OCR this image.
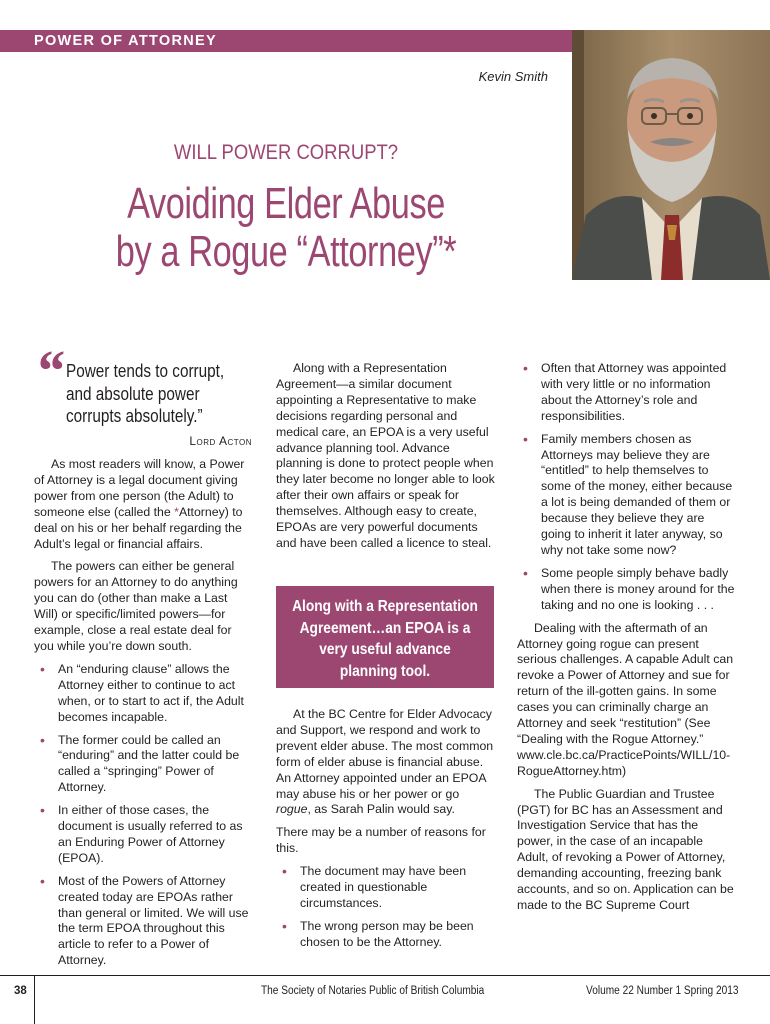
POWER OF ATTORNEY
Kevin Smith
WILL POWER CORRUPT?
Avoiding Elder Abuse
by a Rogue “Attorney”*
“ Power tends to corrupt, and absolute power corrupts absolutely.”
Lord Acton

As most readers will know, a Power of Attorney is a legal document giving power from one person (the Adult) to someone else (called the *Attorney) to deal on his or her behalf regarding the Adult’s legal or financial affairs.

The powers can either be general powers for an Attorney to do anything you can do (other than make a Last Will) or specific/limited powers—for example, close a real estate deal for you while you’re down south.

• An “enduring clause” allows the Attorney either to continue to act when, or to start to act if, the Adult becomes incapable.
• The former could be called an “enduring” and the latter could be called a “springing” Power of Attorney.
• In either of those cases, the document is usually referred to as an Enduring Power of Attorney (EPOA).
• Most of the Powers of Attorney created today are EPOAs rather than general or limited. We will use the term EPOA throughout this article to refer to a Power of Attorney.

Along with a Representation Agreement—a similar document appointing a Representative to make decisions regarding personal and medical care, an EPOA is a very useful advance planning tool. Advance planning is done to protect people when they later become no longer able to look after their own affairs or speak for themselves. Although easy to create, EPOAs are very powerful documents and have been called a licence to steal.

Along with a Representation Agreement…an EPOA is a very useful advance planning tool.

At the BC Centre for Elder Advocacy and Support, we respond and work to prevent elder abuse. The most common form of elder abuse is financial abuse. An Attorney appointed under an EPOA may abuse his or her power or go rogue, as Sarah Palin would say.

There may be a number of reasons for this.

• The document may have been created in questionable circumstances.
• The wrong person may be been chosen to be the Attorney.
• Often that Attorney was appointed with very little or no information about the Attorney’s role and responsibilities.
• Family members chosen as Attorneys may believe they are “entitled” to help themselves to some of the money, either because a lot is being demanded of them or because they believe they are going to inherit it later anyway, so why not take some now?
• Some people simply behave badly when there is money around for the taking and no one is looking . . .

Dealing with the aftermath of an Attorney going rogue can present serious challenges. A capable Adult can revoke a Power of Attorney and sue for return of the ill-gotten gains. In some cases you can criminally charge an Attorney and seek “restitution” (See “Dealing with the Rogue Attorney.” www.cle.bc.ca/PracticePoints/WILL/10-RogueAttorney.htm)

The Public Guardian and Trustee (PGT) for BC has an Assessment and Investigation Service that has the power, in the case of an incapable Adult, of revoking a Power of Attorney, demanding accounting, freezing bank accounts, and so on. Application can be made to the BC Supreme Court

38	The Society of Notaries Public of British Columbia	Volume 22 Number 1 Spring 2013
